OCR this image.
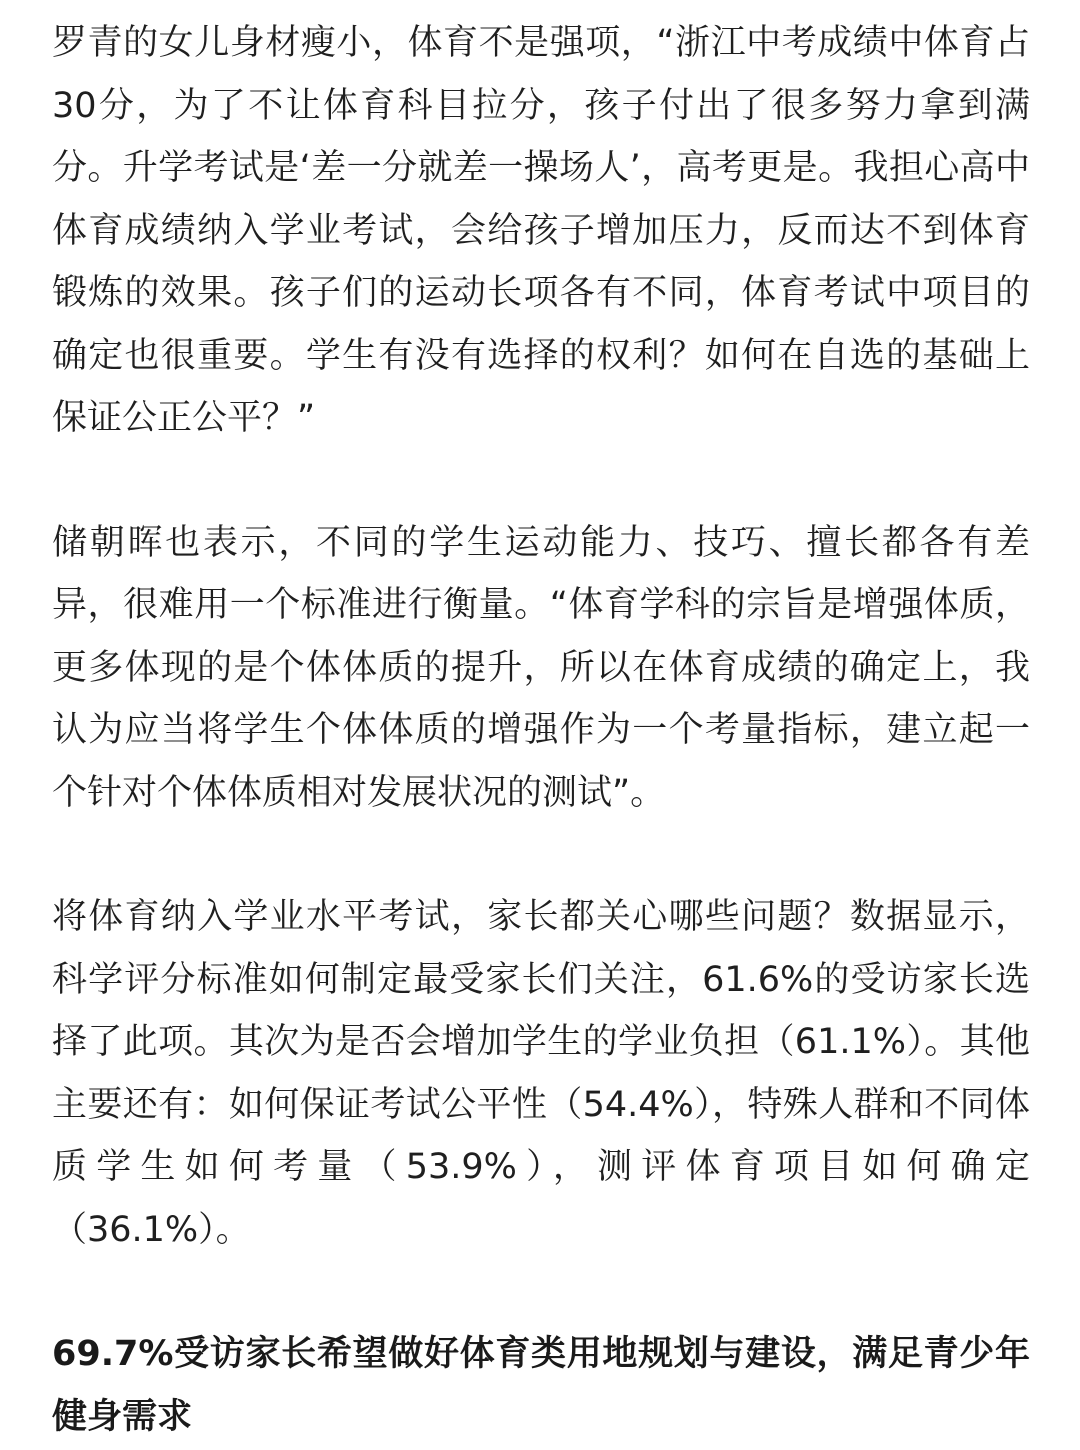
罗青的女儿身材瘦小，体育不是强项，“浙江中考成绩中体育占30分，为了不让体育科目拉分，孩子付出了很多努力拿到满分。升学考试是‘差一分就差一操场人’，高考更是。我担心高中体育成绩纳入学业考试，会给孩子增加压力，反而达不到体育锻炼的效果。孩子们的运动长项各有不同，体育考试中项目的确定也很重要。学生有没有选择的权利？如何在自选的基础上保证公正公平？”

储朝晖也表示，不同的学生运动能力、技巧、擅长都各有差异，很难用一个标准进行衡量。“体育学科的宗旨是增强体质，更多体现的是个体体质的提升，所以在体育成绩的确定上，我认为应当将学生个体体质的增强作为一个考量指标，建立起一个针对个体体质相对发展状况的测试”。

将体育纳入学业水平考试，家长都关心哪些问题？数据显示，科学评分标准如何制定最受家长们关注，61.6%的受访家长选择了此项。其次为是否会增加学生的学业负担（61.1%）。其他主要还有：如何保证考试公平性（54.4%），特殊人群和不同体质学生如何考量（53.9%），测评体育项目如何确定（36.1%）。

69.7%受访家长希望做好体育类用地规划与建设，满足青少年健身需求
